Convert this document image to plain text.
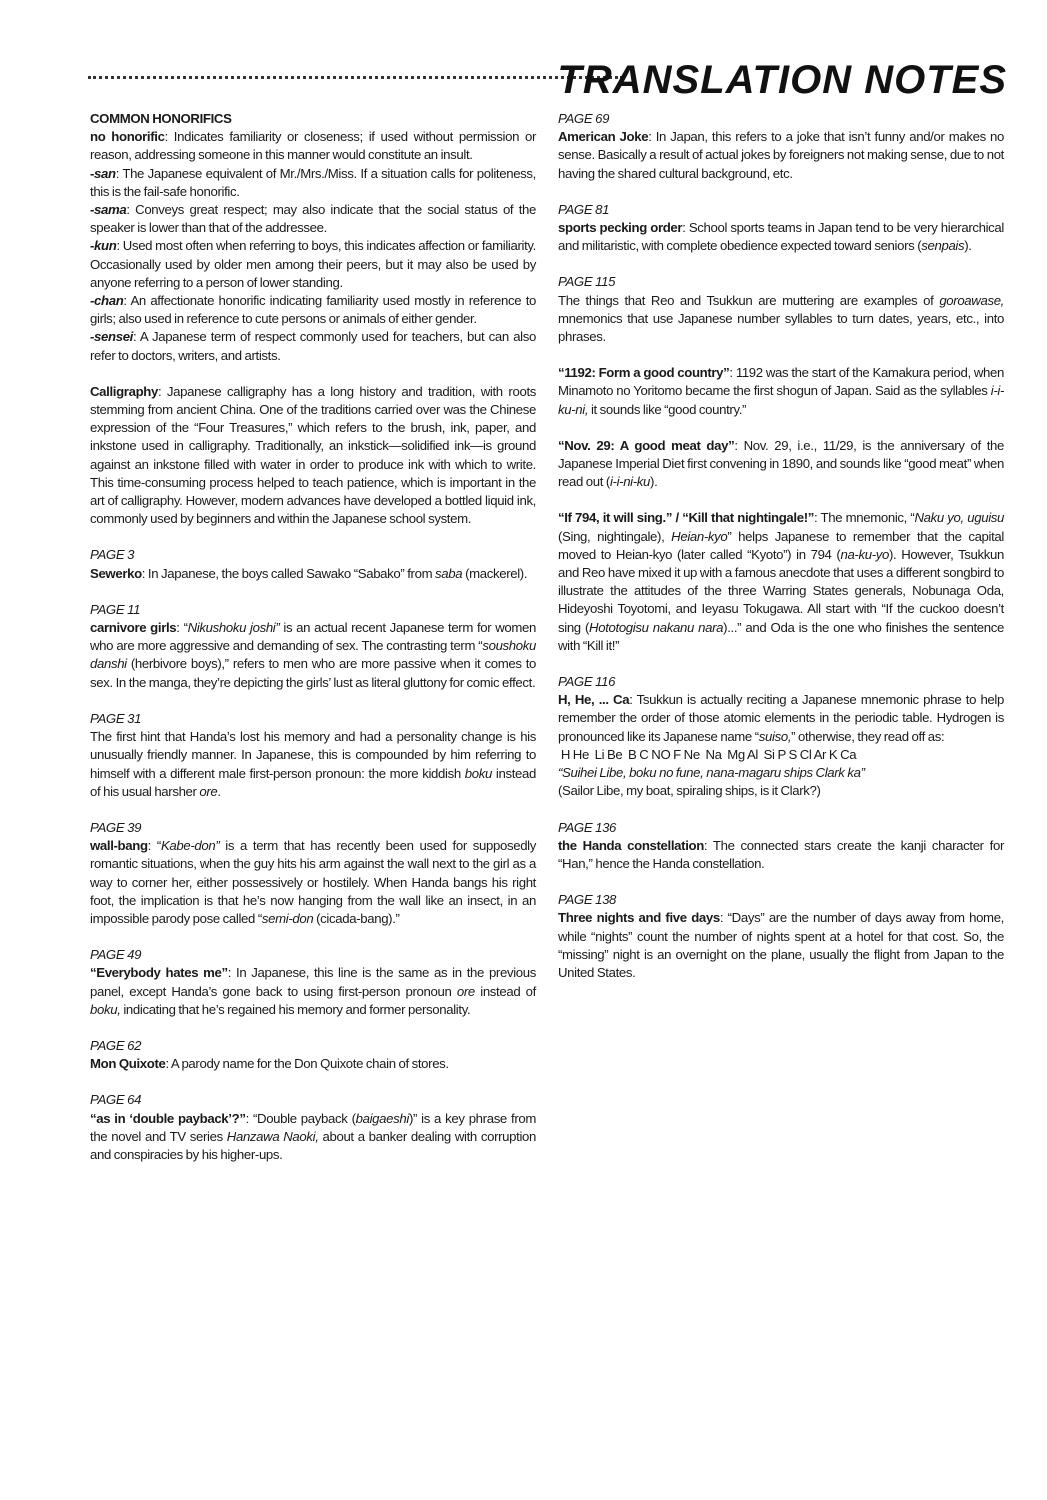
TRANSLATION NOTES
COMMON HONORIFICS

no honorific: Indicates familiarity or closeness; if used without permission or reason, addressing someone in this manner would constitute an insult.

-san: The Japanese equivalent of Mr./Mrs./Miss. If a situation calls for politeness, this is the fail-safe honorific.

-sama: Conveys great respect; may also indicate that the social status of the speaker is lower than that of the addressee.

-kun: Used most often when referring to boys, this indicates affection or familiarity. Occasionally used by older men among their peers, but it may also be used by anyone referring to a person of lower standing.

-chan: An affectionate honorific indicating familiarity used mostly in reference to girls; also used in reference to cute persons or animals of either gender.

-sensei: A Japanese term of respect commonly used for teachers, but can also refer to doctors, writers, and artists.

Calligraphy: Japanese calligraphy has a long history and tradition, with roots stemming from ancient China. One of the traditions carried over was the Chinese expression of the “Four Treasures,” which refers to the brush, ink, paper, and inkstone used in calligraphy. Traditionally, an inkstick—solidified ink—is ground against an inkstone filled with water in order to produce ink with which to write. This time-consuming process helped to teach patience, which is important in the art of calligraphy. However, modern advances have developed a bottled liquid ink, commonly used by beginners and within the Japanese school system.

PAGE 3

Sewerko: In Japanese, the boys called Sawako “Sabako” from saba (mackerel).

PAGE 11

carnivore girls: “Nikushoku joshi” is an actual recent Japanese term for women who are more aggressive and demanding of sex. The contrasting term “soushoku danshi (herbivore boys),” refers to men who are more passive when it comes to sex. In the manga, they’re depicting the girls’ lust as literal gluttony for comic effect.

PAGE 31

The first hint that Handa’s lost his memory and had a personality change is his unusually friendly manner. In Japanese, this is compounded by him referring to himself with a different male first-person pronoun: the more kiddish boku instead of his usual harsher ore.

PAGE 39

wall-bang: “Kabe-don” is a term that has recently been used for supposedly romantic situations, when the guy hits his arm against the wall next to the girl as a way to corner her, either possessively or hostilely. When Handa bangs his right foot, the implication is that he’s now hanging from the wall like an insect, in an impossible parody pose called “semi-don (cicada-bang).”

PAGE 49

“Everybody hates me”: In Japanese, this line is the same as in the previous panel, except Handa’s gone back to using first-person pronoun ore instead of boku, indicating that he’s regained his memory and former personality.

PAGE 62

Mon Quixote: A parody name for the Don Quixote chain of stores.

PAGE 64

“as in ‘double payback’?”: “Double payback (baigaeshi)” is a key phrase from the novel and TV series Hanzawa Naoki, about a banker dealing with corruption and conspiracies by his higher-ups.

PAGE 69

American Joke: In Japan, this refers to a joke that isn’t funny and/or makes no sense. Basically a result of actual jokes by foreigners not making sense, due to not having the shared cultural background, etc.

PAGE 81

sports pecking order: School sports teams in Japan tend to be very hierarchical and militaristic, with complete obedience expected toward seniors (senpais).

PAGE 115

The things that Reo and Tsukkun are muttering are examples of goroawase, mnemonics that use Japanese number syllables to turn dates, years, etc., into phrases.

“1192: Form a good country”: 1192 was the start of the Kamakura period, when Minamoto no Yoritomo became the first shogun of Japan. Said as the syllables i-i-ku-ni, it sounds like “good country.”

“Nov. 29: A good meat day”: Nov. 29, i.e., 11/29, is the anniversary of the Japanese Imperial Diet first convening in 1890, and sounds like “good meat” when read out (i-i-ni-ku).

“If 794, it will sing.” / “Kill that nightingale!”: The mnemonic, “Naku yo, uguisu (Sing, nightingale), Heian-kyo” helps Japanese to remember that the capital moved to Heian-kyo (later called “Kyoto”) in 794 (na-ku-yo). However, Tsukkun and Reo have mixed it up with a famous anecdote that uses a different songbird to illustrate the attitudes of the three Warring States generals, Nobunaga Oda, Hideyoshi Toyotomi, and Ieyasu Tokugawa. All start with “If the cuckoo doesn’t sing (Hototogisu nakanu nara)...” and Oda is the one who finishes the sentence with “Kill it!”

PAGE 116

H, He, ... Ca: Tsukkun is actually reciting a Japanese mnemonic phrase to help remember the order of those atomic elements in the periodic table. Hydrogen is pronounced like its Japanese name “suiso,” otherwise, they read off as:

H He  Li Be  B C NO F Ne  Na  Mg Al  Si P S Cl Ar K Ca
“Suihei Libe, boku no fune, nana-magaru ships Clark ka”
(Sailor Libe, my boat, spiraling ships, is it Clark?)
PAGE 136

the Handa constellation: The connected stars create the kanji character for “Han,” hence the Handa constellation.

PAGE 138

Three nights and five days: “Days” are the number of days away from home, while “nights” count the number of nights spent at a hotel for that cost. So, the “missing” night is an overnight on the plane, usually the flight from Japan to the United States.
